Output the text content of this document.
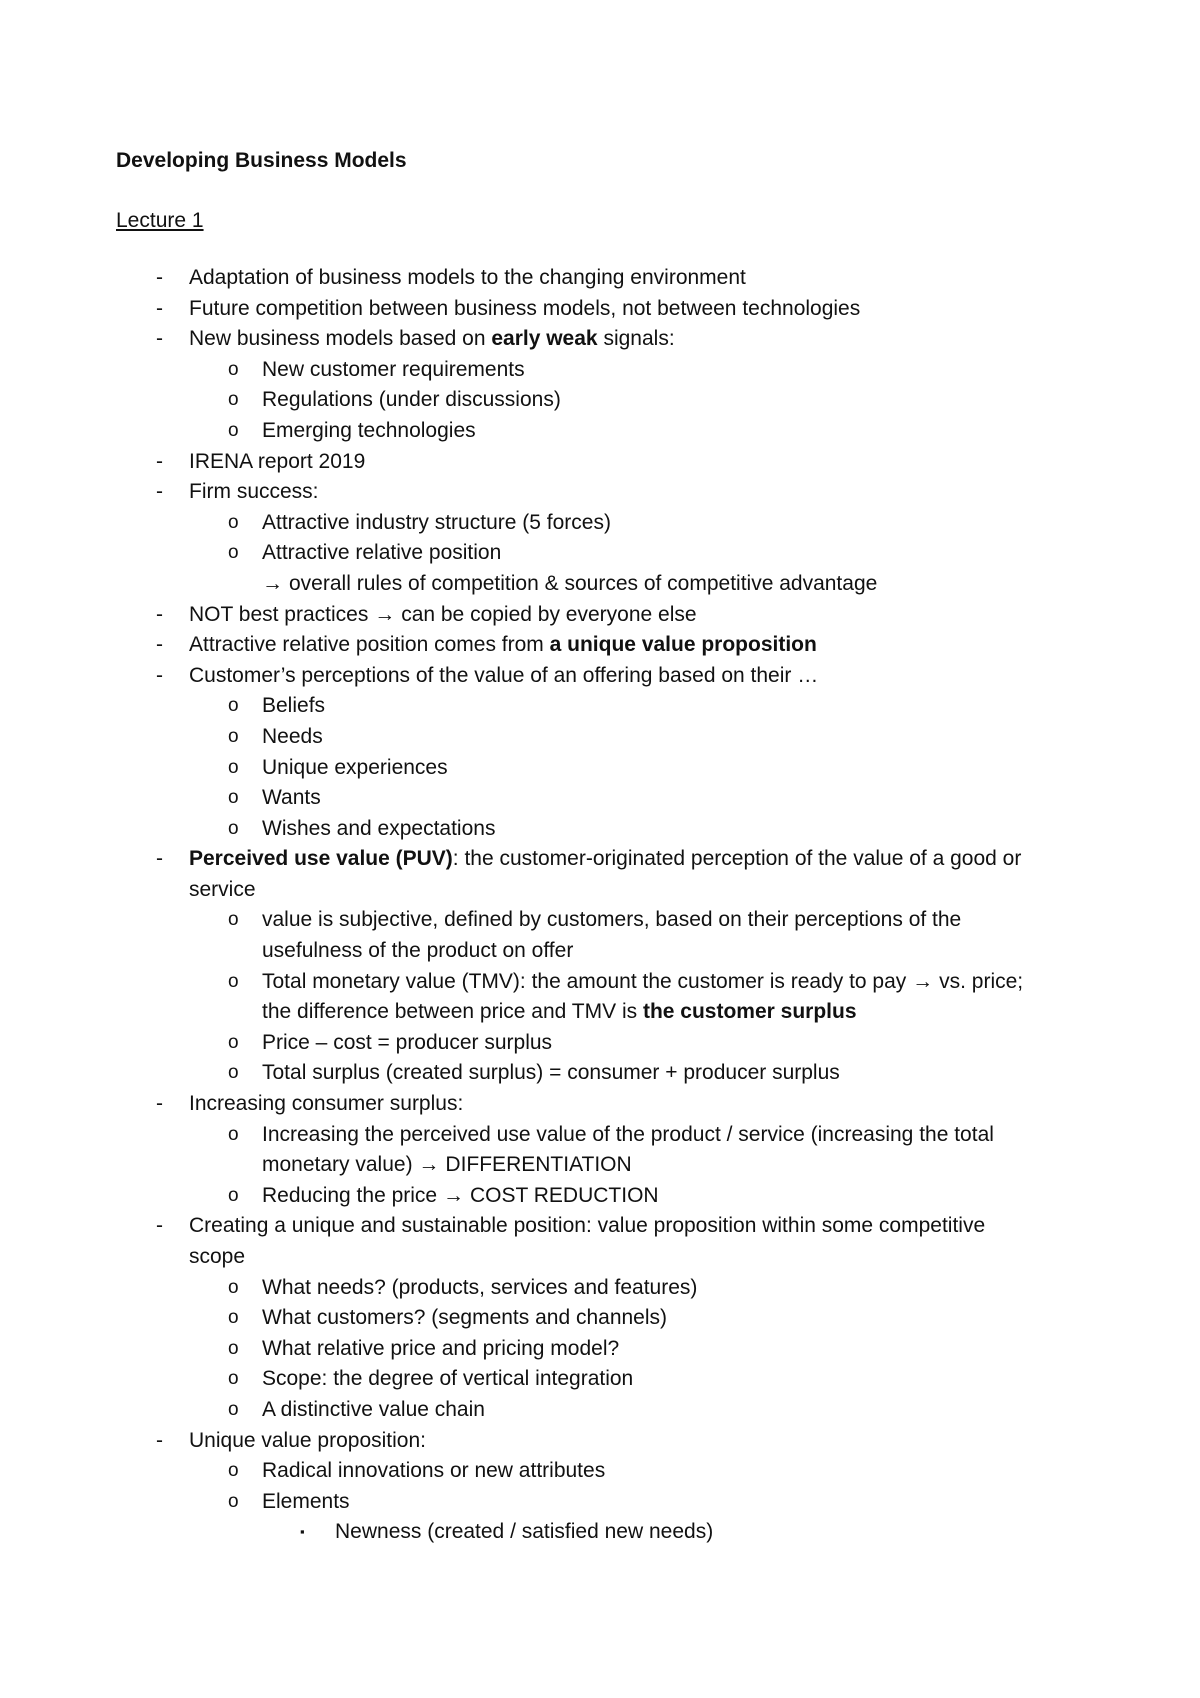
Developing Business Models
Lecture 1
- Adaptation of business models to the changing environment
- Future competition between business models, not between technologies
- New business models based on early weak signals:
o New customer requirements
o Regulations (under discussions)
o Emerging technologies
- IRENA report 2019
- Firm success:
o Attractive industry structure (5 forces)
o Attractive relative position
→ overall rules of competition & sources of competitive advantage
- NOT best practices → can be copied by everyone else
- Attractive relative position comes from a unique value proposition
- Customer’s perceptions of the value of an offering based on their …
o Beliefs
o Needs
o Unique experiences
o Wants
o Wishes and expectations
- Perceived use value (PUV): the customer-originated perception of the value of a good or
service
o value is subjective, defined by customers, based on their perceptions of the
usefulness of the product on offer
o Total monetary value (TMV): the amount the customer is ready to pay → vs. price;
the difference between price and TMV is the customer surplus
o Price – cost = producer surplus
o Total surplus (created surplus) = consumer + producer surplus
- Increasing consumer surplus:
o Increasing the perceived use value of the product / service (increasing the total
monetary value) → DIFFERENTIATION
o Reducing the price → COST REDUCTION
- Creating a unique and sustainable position: value proposition within some competitive
scope
o What needs? (products, services and features)
o What customers? (segments and channels)
o What relative price and pricing model?
o Scope: the degree of vertical integration
o A distinctive value chain
- Unique value proposition:
o Radical innovations or new attributes
o Elements
▪ Newness (created / satisfied new needs)
